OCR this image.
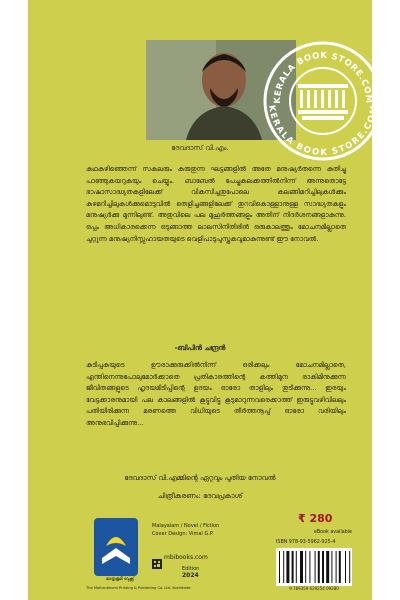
ദേവദാസ് വി.എം.
കഥകഴിഞ്ഞെന്ന് സകലരും കരുതുന്ന ഘട്ടങ്ങളിൽ അതേ മനുഷ്യർതന്നെ കുതിച്ചു പാഞ്ഞുകയറുകയും ചെയ്യും. ബാബേൽ പേച്ചുകലക്കത്തിൽനിന്ന് അന്നുതൊട്ടേ ഭാഷാസാദ്ധ്യതകളിലേക്ക് വികസിച്ചതുപോലെ കലങ്ങിമറിച്ചിലുകൾക്കും കുഴമറിച്ചിലുകൾക്കുമൊടുവിൽ തെളിച്ചങ്ങളിലേക്ക് തുറവികൊള്ളാനുള്ള സാദ്ധ്യതകളും മനുഷ്യർക്കു മുന്നിലുണ്ട്. അതുവിലെ പല മുഹൂർത്തങ്ങളും അതിന് നിദർശനങ്ങളാകുന്നു. ഒപ്പം അധികാരക്കെന്ന ഒടുങ്ങാത്ത ലാലസിനിതിരിൻ ഒരുകാലത്തും മോചനമില്ലാതെ ചുറ്റുന്ന മനുഷ്യനിസ്സഹായതയുടെ വെളിപാടുപുസ്തകവുമാകുന്നുണ്ട് ഈ നോവൽ.
-ബിപിൻ ചന്ദ്രൻ
കുടിപ്പകയുടെ ഊരാക്കുരുക്കിൽനിന്ന് ഒരിക്കലും മോചനമില്ലാതെ, എന്തിനെന്നുപോലുമോർക്കാതെ പ്രതികാരത്തിന്റെ കത്തിമുന രാകിമിനുക്കുന്ന ജീവിതങ്ങളുടെ ഹൃദയമിടിപ്പിന്റെ ഉദയം ഓരോ താളിലും തുടിക്കുന്നു... ഇരയും വേട്ടക്കാരനുമായി പല കാലങ്ങളിൽ കൂട്ടുവിട്ടു കൂടുമാറുന്നവരെക്കാത്ത് ഇരുട്ടുവഴിവിലലും പതിയിരിക്കുന്ന മരണത്തെ വിധിയുടെ തീർത്തനൂപ്പ് ഓരോ വരിയിലും അനുഭവിപ്പിക്കുന്നു...
ദേവദാസ് വി.എമ്മിന്റെ ഏറ്റവും പുതിയ നോവൽ
ചിത്രീകരണം: ദേവപ്രകാശ്
മാതൃഭൂമി ബുക്സ്
The Mathrubhumi Printing & Publishing Co. Ltd. Kozhikode
Malayalam / Novel / Fiction
Cover Design: Vimal G.P.
mbibooks.com
Edition
2024
₹ 280
eBook available
ISBN 978-93-5962-925-4
9 789359 629254 09280
KERALA BOOK STORE.COM
KERALA BOOK STORE.COM
